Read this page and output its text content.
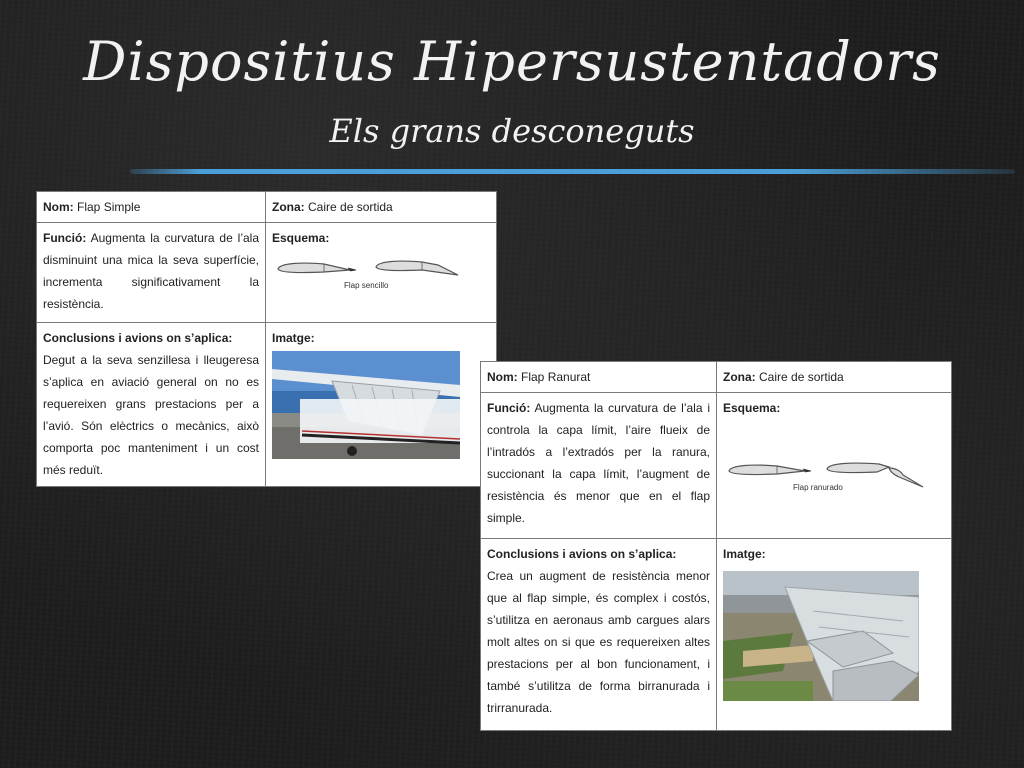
Dispositius Hipersustentadors
Els grans desconeguts
Nom: Flap Simple	Zona: Caire de sortida
Funció: Augmenta la curvatura de l’ala disminuint una mica la seva superfície, incrementa significativament la resistència.	Esquema:
Flap sencillo

Conclusions i avions on s’aplica:
Degut a la seva senzillesa i lleugeresa s’aplica en aviació general on no es requereixen grans prestacions per a l’avió. Són elèctrics o mecànics, això comporta poc manteniment i un cost més reduït.	Imatge:
Nom: Flap Ranurat	Zona: Caire de sortida
Funció: Augmenta la curvatura de l’ala i controla la capa límit, l’aire flueix de l’intradós a l’extradós per la ranura, succionant la capa límit, l’augment de resistència és menor que en el flap simple.	Esquema:
Flap ranurado

Conclusions i avions on s’aplica:
Crea un augment de resistència menor que al flap simple, és complex i costós, s’utilitza en aeronaus amb cargues alars molt altes on si que es requereixen altes prestacions per al bon funcionament, i també s’utilitza de forma birranurada i trirranurada.	Imatge:
